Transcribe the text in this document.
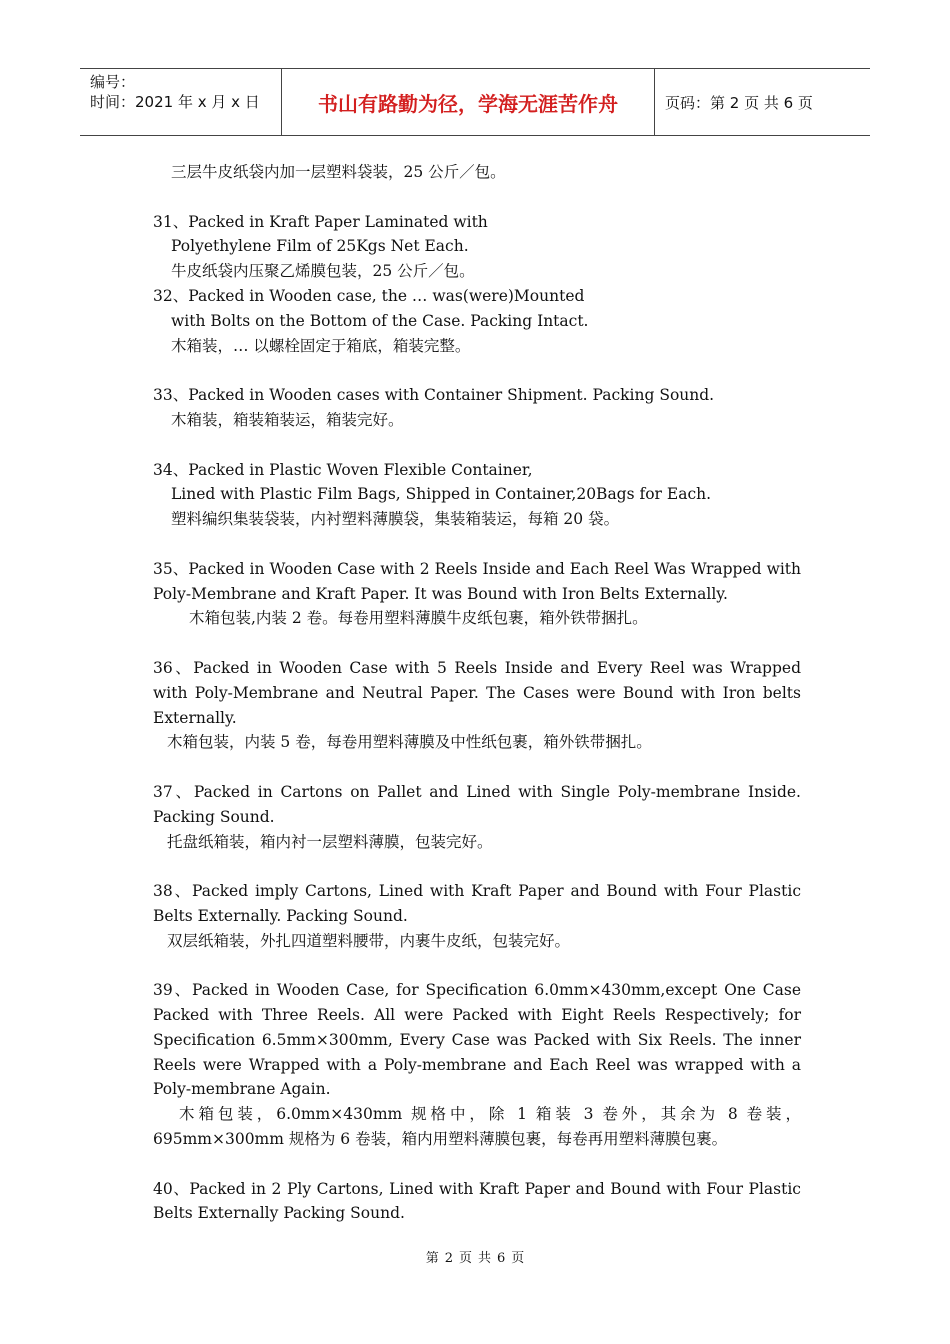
编号：
时间：2021 年 x 月 x 日	书山有路勤为径，学海无涯苦作舟	页码：第 2 页 共 6 页

三层牛皮纸袋内加一层塑料袋装，25 公斤／包。

31、Packed in Kraft Paper Laminated with

Polyethylene Film of 25Kgs Net Each.

牛皮纸袋内压聚乙烯膜包装，25 公斤／包。

32、Packed in Wooden case, the … was(were)Mounted

with Bolts on the Bottom of the Case. Packing Intact.

木箱装，… 以螺栓固定于箱底，箱装完整。

33、Packed in Wooden cases with Container Shipment. Packing Sound.

木箱装，箱装箱装运，箱装完好。

34、Packed in Plastic Woven Flexible Container,

Lined with Plastic Film Bags, Shipped in Container,20Bags for Each.

塑料编织集装袋装，内衬塑料薄膜袋，集装箱装运，每箱 20 袋。

35、Packed in Wooden Case with 2 Reels Inside and Each Reel Was Wrapped with Poly-Membrane and Kraft Paper. It was Bound with Iron Belts Externally.

木箱包装,内装 2 卷。每卷用塑料薄膜牛皮纸包裹，箱外铁带捆扎。

36、Packed in Wooden Case with 5 Reels Inside and Every Reel was Wrapped with Poly-Membrane and Neutral Paper. The Cases were Bound with Iron belts Externally.

木箱包装，内装 5 卷，每卷用塑料薄膜及中性纸包裹，箱外铁带捆扎。

37、Packed in Cartons on Pallet and Lined with Single Poly-membrane Inside. Packing Sound.

托盘纸箱装，箱内衬一层塑料薄膜，包装完好。

38、Packed imply Cartons, Lined with Kraft Paper and Bound with Four Plastic Belts Externally. Packing Sound.

双层纸箱装，外扎四道塑料腰带，内裹牛皮纸，包装完好。

39、Packed in Wooden Case, for Specification 6.0mm×430mm,except One Case Packed with Three Reels. All were Packed with Eight Reels Respectively; for Specification 6.5mm×300mm, Every Case was Packed with Six Reels. The inner Reels were Wrapped with a Poly-membrane and Each Reel was wrapped with a Poly-membrane Again.

木箱包装，6.0mm×430mm 规格中，除 1 箱装 3 卷外，其余为 8 卷装，695mm×300mm 规格为 6 卷装，箱内用塑料薄膜包裹，每卷再用塑料薄膜包裹。

40、Packed in 2 Ply Cartons, Lined with Kraft Paper and Bound with Four Plastic Belts Externally Packing Sound.

第 2 页 共 6 页
